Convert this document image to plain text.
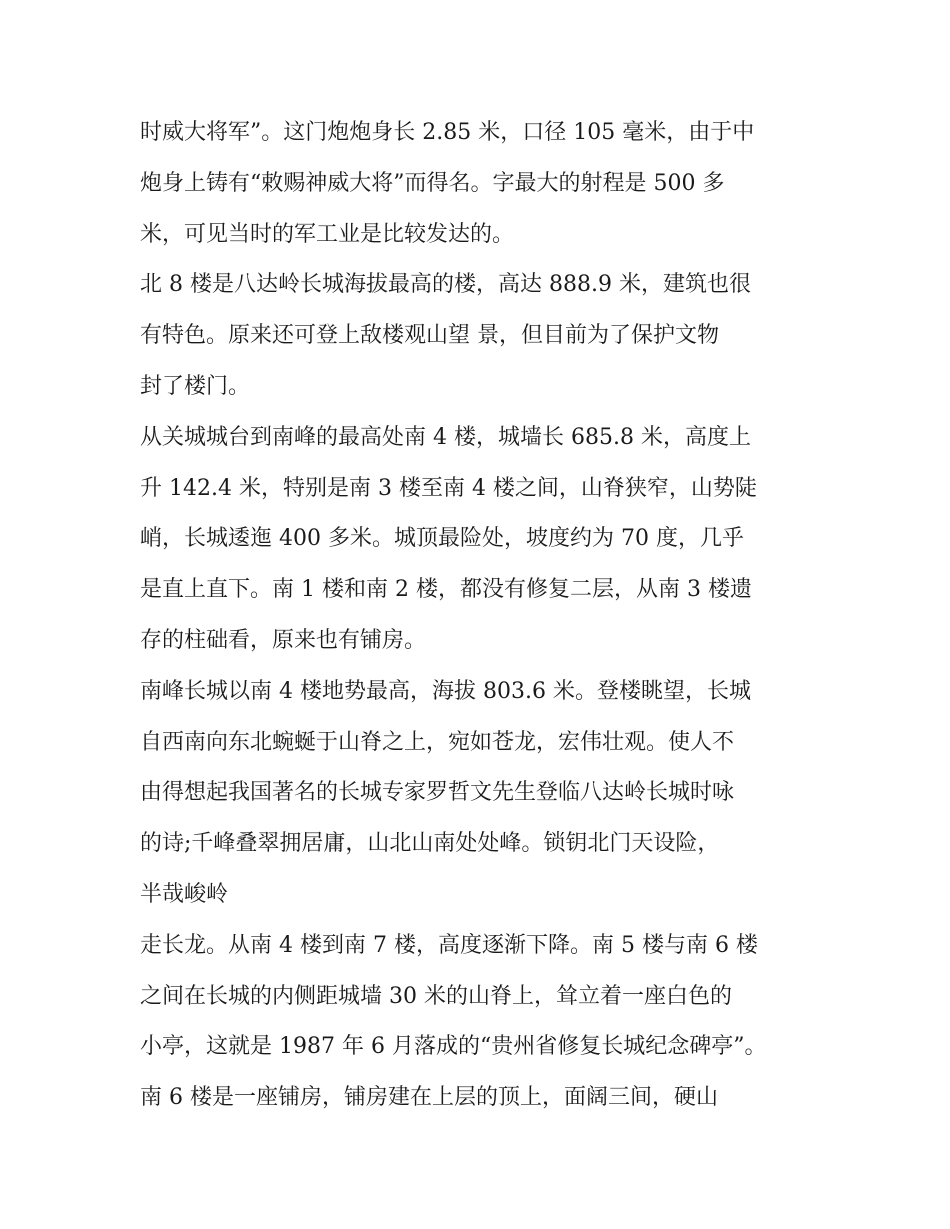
时威大将军”。这门炮炮身长 2.85 米，口径 105 毫米，由于中
炮身上铸有“敕赐神威大将”而得名。字最大的射程是 500 多
米，可见当时的军工业是比较发达的。
北 8 楼是八达岭长城海拔最高的楼，高达 888.9 米，建筑也很
有特色。原来还可登上敌楼观山望 景，但目前为了保护文物
封了楼门。
从关城城台到南峰的最高处南 4 楼，城墙长 685.8 米，高度上
升 142.4 米，特别是南 3 楼至南 4 楼之间，山脊狭窄，山势陡
峭，长城逶迤 400 多米。城顶最险处，坡度约为 70 度，几乎
是直上直下。南 1 楼和南 2 楼，都没有修复二层，从南 3 楼遗
存的柱础看，原来也有铺房。
南峰长城以南 4 楼地势最高，海拔 803.6 米。登楼眺望，长城
自西南向东北蜿蜒于山脊之上，宛如苍龙，宏伟壮观。使人不
由得想起我国著名的长城专家罗哲文先生登临八达岭长城时咏
的诗;千峰叠翠拥居庸，山北山南处处峰。锁钥北门天设险，
半哉峻岭
走长龙。从南 4 楼到南 7 楼，高度逐渐下降。南 5 楼与南 6 楼
之间在长城的内侧距城墙 30 米的山脊上，耸立着一座白色的
小亭，这就是 1987 年 6 月落成的“贵州省修复长城纪念碑亭”。
南 6 楼是一座铺房，铺房建在上层的顶上，面阔三间，硬山
